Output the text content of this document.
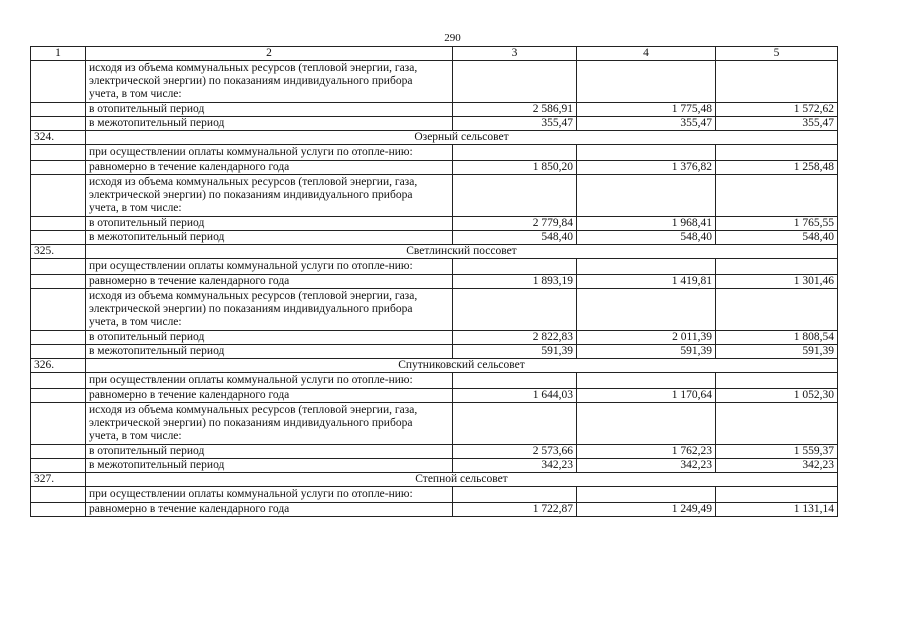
290
1	2	3	4	5
	исходя из объема коммунальных ресурсов (тепловой энергии, газа, электрической энергии) по показаниям индивидуального прибора учета, в том числе:			
	в отопительный период	2 586,91	1 775,48	1 572,62
	в межотопительный период	355,47	355,47	355,47
324.	Озерный сельсовет			
	при осуществлении оплаты коммунальной услуги по отопле-нию:			
	равномерно в течение календарного года	1 850,20	1 376,82	1 258,48
	исходя из объема коммунальных ресурсов (тепловой энергии, газа, электрической энергии) по показаниям индивидуального прибора учета, в том числе:			
	в отопительный период	2 779,84	1 968,41	1 765,55
	в межотопительный период	548,40	548,40	548,40
325.	Светлинский поссовет			
	при осуществлении оплаты коммунальной услуги по отопле-нию:			
	равномерно в течение календарного года	1 893,19	1 419,81	1 301,46
	исходя из объема коммунальных ресурсов (тепловой энергии, газа, электрической энергии) по показаниям индивидуального прибора учета, в том числе:			
	в отопительный период	2 822,83	2 011,39	1 808,54
	в межотопительный период	591,39	591,39	591,39
326.	Спутниковский сельсовет			
	при осуществлении оплаты коммунальной услуги по отопле-нию:			
	равномерно в течение календарного года	1 644,03	1 170,64	1 052,30
	исходя из объема коммунальных ресурсов (тепловой энергии, газа, электрической энергии) по показаниям индивидуального прибора учета, в том числе:			
	в отопительный период	2 573,66	1 762,23	1 559,37
	в межотопительный период	342,23	342,23	342,23
327.	Степной сельсовет			
	при осуществлении оплаты коммунальной услуги по отопле-нию:			
	равномерно в течение календарного года	1 722,87	1 249,49	1 131,14
